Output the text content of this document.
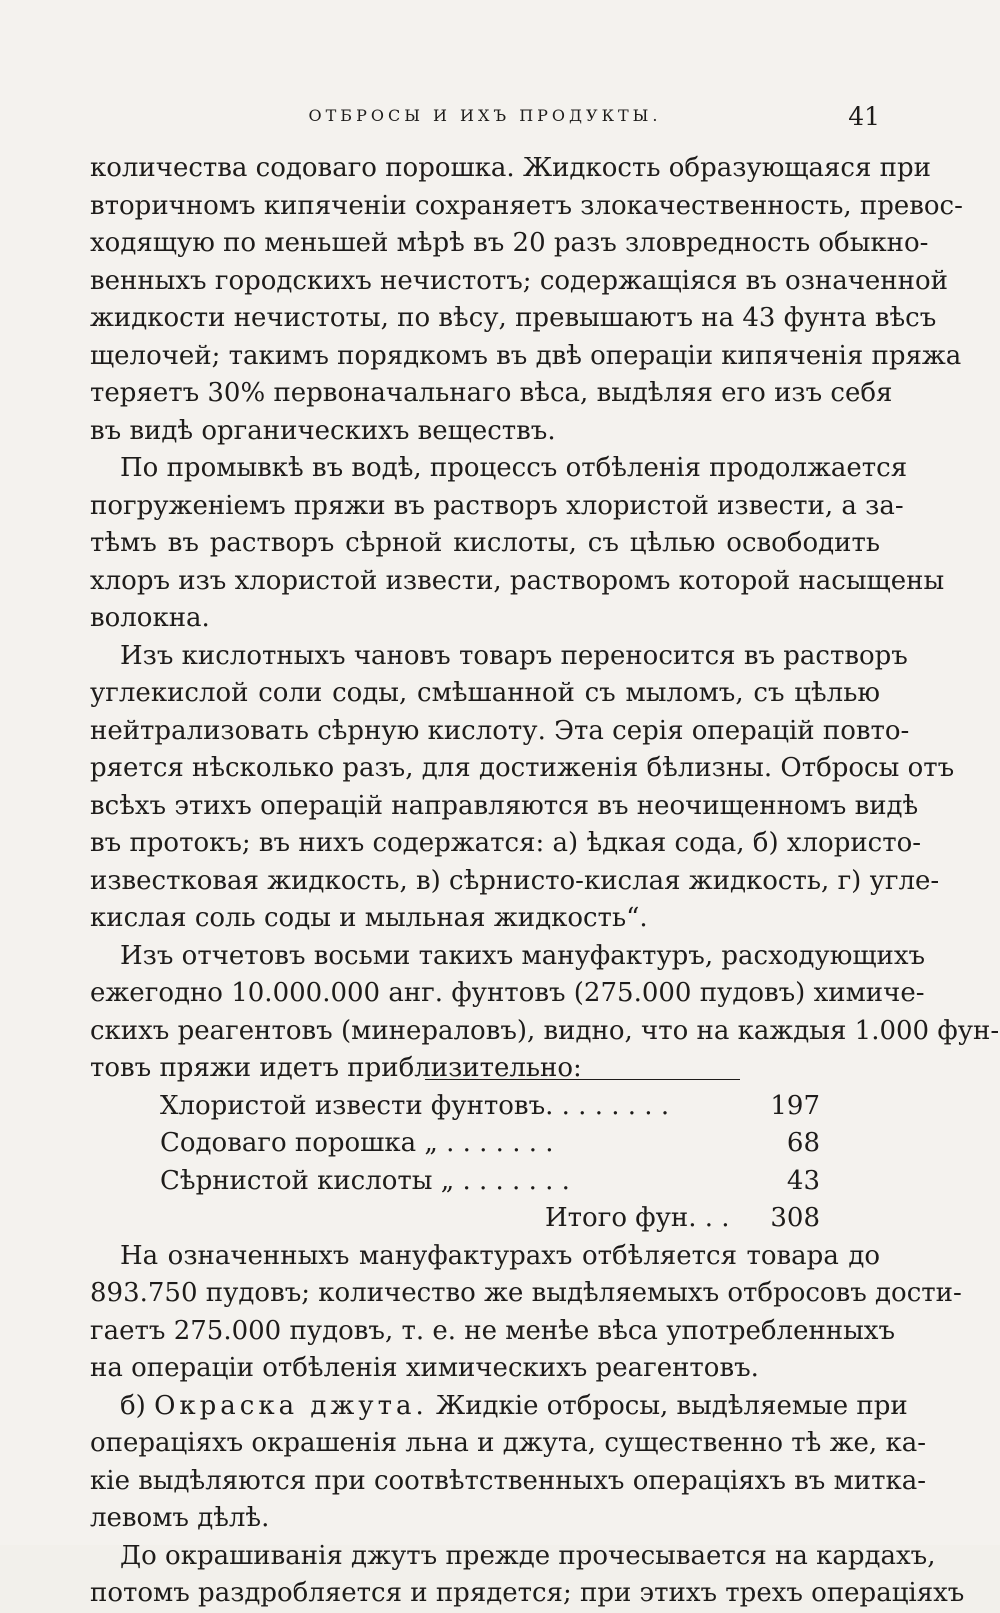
ОТБРОСЫ И ИХЪ ПРОДУКТЫ.	41
количества содоваго порошка. Жидкость образующаяся при
вторичномъ кипяченіи сохраняетъ злокачественность, превос-
ходящую по меньшей мѣрѣ въ 20 разъ зловредность обыкно-
венныхъ городскихъ нечистотъ; содержащіяся въ означенной
жидкости нечистоты, по вѣсу, превышаютъ на 43 фунта вѣсъ
щелочей; такимъ порядкомъ въ двѣ операціи кипяченія пряжа
теряетъ 30% первоначальнаго вѣса, выдѣляя его изъ себя
въ видѣ органическихъ веществъ.
По промывкѣ въ водѣ, процессъ отбѣленія продолжается
погруженіемъ пряжи въ растворъ хлористой извести, а за-
тѣмъ въ растворъ сѣрной кислоты, съ цѣлью освободить
хлоръ изъ хлористой извести, растворомъ которой насыщены
волокна.
Изъ кислотныхъ чановъ товаръ переносится въ растворъ
углекислой соли соды, смѣшанной съ мыломъ, съ цѣлью
нейтрализовать сѣрную кислоту. Эта серія операцій повто-
ряется нѣсколько разъ, для достиженія бѣлизны. Отбросы отъ
всѣхъ этихъ операцій направляются въ неочищенномъ видѣ
въ протокъ; въ нихъ содержатся: а) ѣдкая сода, б) хлористо-
известковая жидкость, в) сѣрнисто-кислая жидкость, г) угле-
кислая соль соды и мыльная жидкость“.
Изъ отчетовъ восьми такихъ мануфактуръ, расходующихъ
ежегодно 10.000.000 анг. фунтовъ (275.000 пудовъ) химиче-
скихъ реагентовъ (минераловъ), видно, что на каждыя 1.000 фун-
товъ пряжи идетъ приблизительно:
Хлористой извести фунтовъ. . . . . . . .	197
Содоваго порошка „ . . . . . . .	68
Сѣрнистой кислоты „ . . . . . . .	43
Итого фун. . . 308
На означенныхъ мануфактурахъ отбѣляется товара до
893.750 пудовъ; количество же выдѣляемыхъ отбросовъ дости-
гаетъ 275.000 пудовъ, т. е. не менѣе вѣса употребленныхъ
на операціи отбѣленія химическихъ реагентовъ.
б) Окраска джута. Жидкіе отбросы, выдѣляемые при
операціяхъ окрашенія льна и джута, существенно тѣ же, ка-
кіе выдѣляются при соотвѣтственныхъ операціяхъ въ митка-
левомъ дѣлѣ.
До окрашиванія джутъ прежде прочесывается на кардахъ,
потомъ раздробляется и прядется; при этихъ трехъ операціяхъ
